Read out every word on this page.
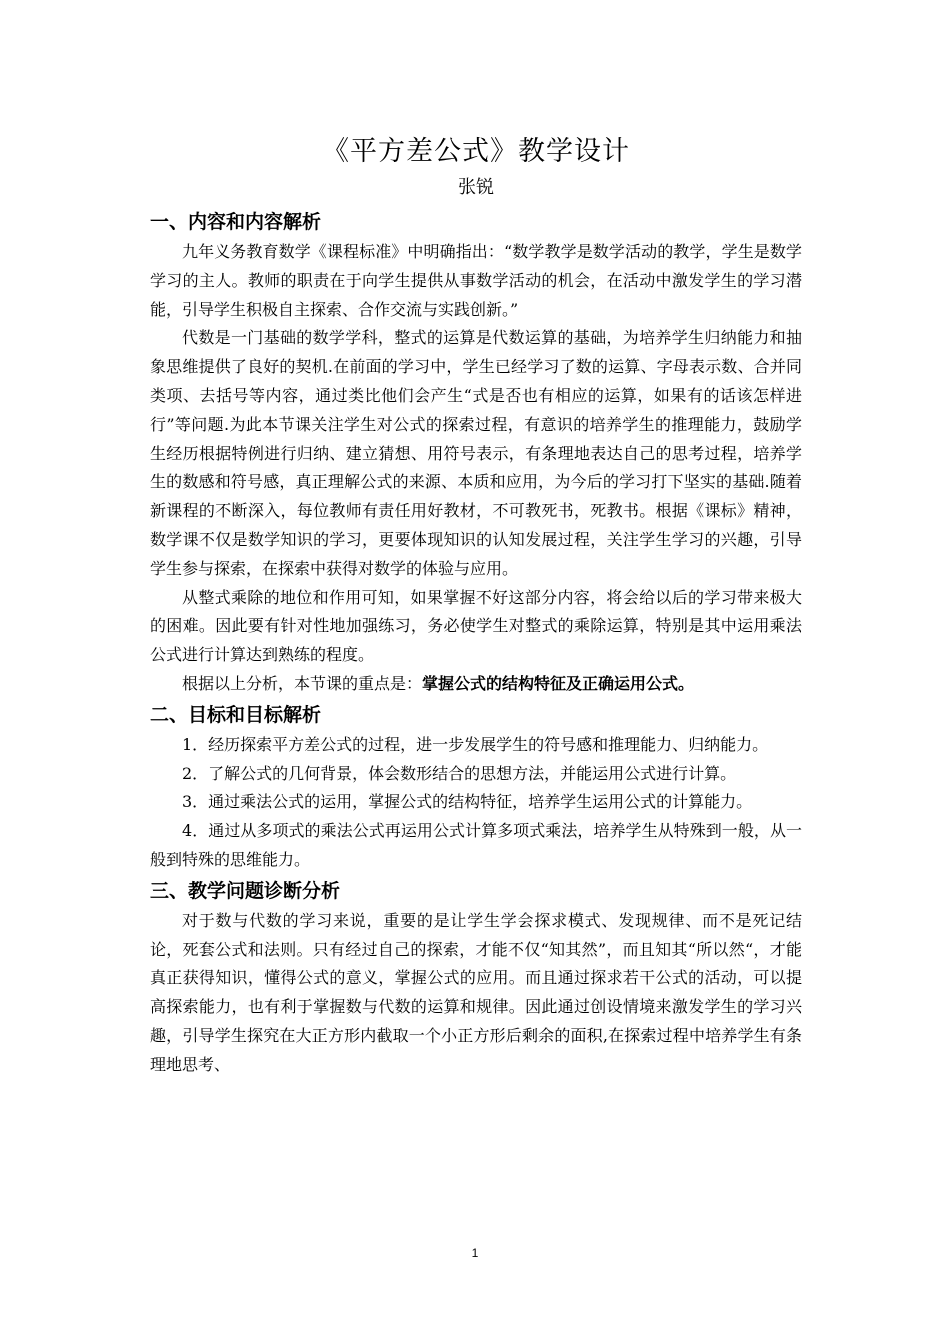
《平方差公式》教学设计
张锐
一、内容和内容解析

九年义务教育数学《课程标准》中明确指出：“数学教学是数学活动的教学，学生是数学学习的主人。教师的职责在于向学生提供从事数学活动的机会，在活动中激发学生的学习潜能，引导学生积极自主探索、合作交流与实践创新。”

代数是一门基础的数学学科，整式的运算是代数运算的基础，为培养学生归纳能力和抽象思维提供了良好的契机.在前面的学习中，学生已经学习了数的运算、字母表示数、合并同类项、去括号等内容，通过类比他们会产生“式是否也有相应的运算，如果有的话该怎样进行”等问题.为此本节课关注学生对公式的探索过程，有意识的培养学生的推理能力，鼓励学生经历根据特例进行归纳、建立猜想、用符号表示，有条理地表达自己的思考过程，培养学生的数感和符号感，真正理解公式的来源、本质和应用，为今后的学习打下坚实的基础.随着新课程的不断深入，每位教师有责任用好教材，不可教死书，死教书。根据《课标》精神，数学课不仅是数学知识的学习，更要体现知识的认知发展过程，关注学生学习的兴趣，引导学生参与探索，在探索中获得对数学的体验与应用。

从整式乘除的地位和作用可知，如果掌握不好这部分内容，将会给以后的学习带来极大的困难。因此要有针对性地加强练习，务必使学生对整式的乘除运算，特别是其中运用乘法公式进行计算达到熟练的程度。

根据以上分析，本节课的重点是：掌握公式的结构特征及正确运用公式。

二、目标和目标解析

1．经历探索平方差公式的过程，进一步发展学生的符号感和推理能力、归纳能力。

2．了解公式的几何背景，体会数形结合的思想方法，并能运用公式进行计算。

3．通过乘法公式的运用，掌握公式的结构特征，培养学生运用公式的计算能力。

4．通过从多项式的乘法公式再运用公式计算多项式乘法，培养学生从特殊到一般，从一般到特殊的思维能力。

三、教学问题诊断分析

对于数与代数的学习来说，重要的是让学生学会探求模式、发现规律、而不是死记结论，死套公式和法则。只有经过自己的探索，才能不仅“知其然”，而且知其“所以然“，才能真正获得知识，懂得公式的意义，掌握公式的应用。而且通过探求若干公式的活动，可以提高探索能力，也有利于掌握数与代数的运算和规律。因此通过创设情境来激发学生的学习兴趣，引导学生探究在大正方形内截取一个小正方形后剩余的面积,在探索过程中培养学生有条理地思考、

1
